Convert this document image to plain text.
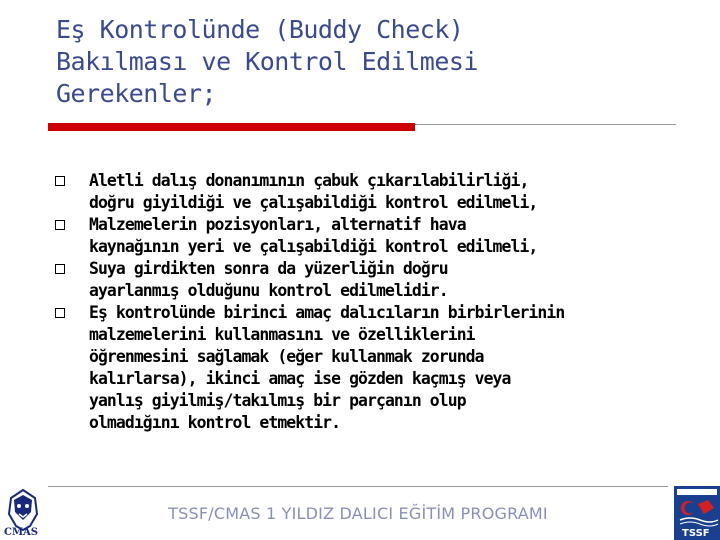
Eş Kontrolünde (Buddy Check)
Bakılması ve Kontrol Edilmesi
Gerekenler;
Aletli dalış donanımının çabuk çıkarılabilirliği,
doğru giyildiği ve çalışabildiği kontrol edilmeli,
Malzemelerin pozisyonları, alternatif hava
kaynağının yeri ve çalışabildiği kontrol edilmeli,
Suya girdikten sonra da yüzerliğin doğru
ayarlanmış olduğunu kontrol edilmelidir.
Eş kontrolünde birinci amaç dalıcıların birbirlerinin
malzemelerini kullanmasını ve özelliklerini
öğrenmesini sağlamak (eğer kullanmak zorunda
kalırlarsa), ikinci amaç ise gözden kaçmış veya
yanlış giyilmiş/takılmış bir parçanın olup
olmadığını kontrol etmektir.
TSSF/CMAS 1 YILDIZ DALICI EĞİTİM PROGRAMI
CMAS	TSSF
